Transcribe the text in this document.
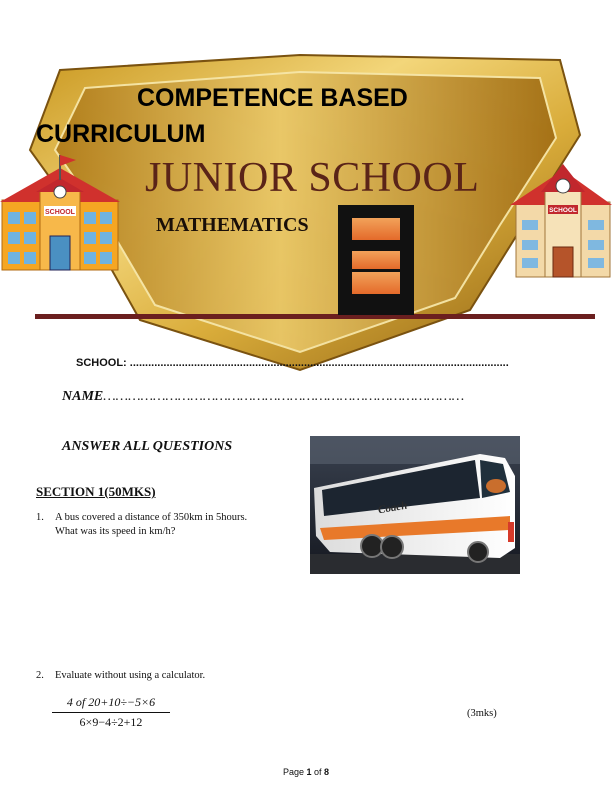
SCHOOL	SCHOOL
COMPETENCE BASED
CURRICULUM
JUNIOR SCHOOL
MATHEMATICS
SCHOOL: ............................................................................................................................
NAME……………………………………………………………………………
ANSWER ALL QUESTIONS
SECTION 1(50MKS)
1. A bus covered a distance of 350km in 5hours.
What was its speed in km/h?
Coach
2. Evaluate without using a calculator.
$\frac{4 of 20+10\div-5\times 6}{6\times 9-4\div 2+12}$	(3mks)
Page 1 of 8
